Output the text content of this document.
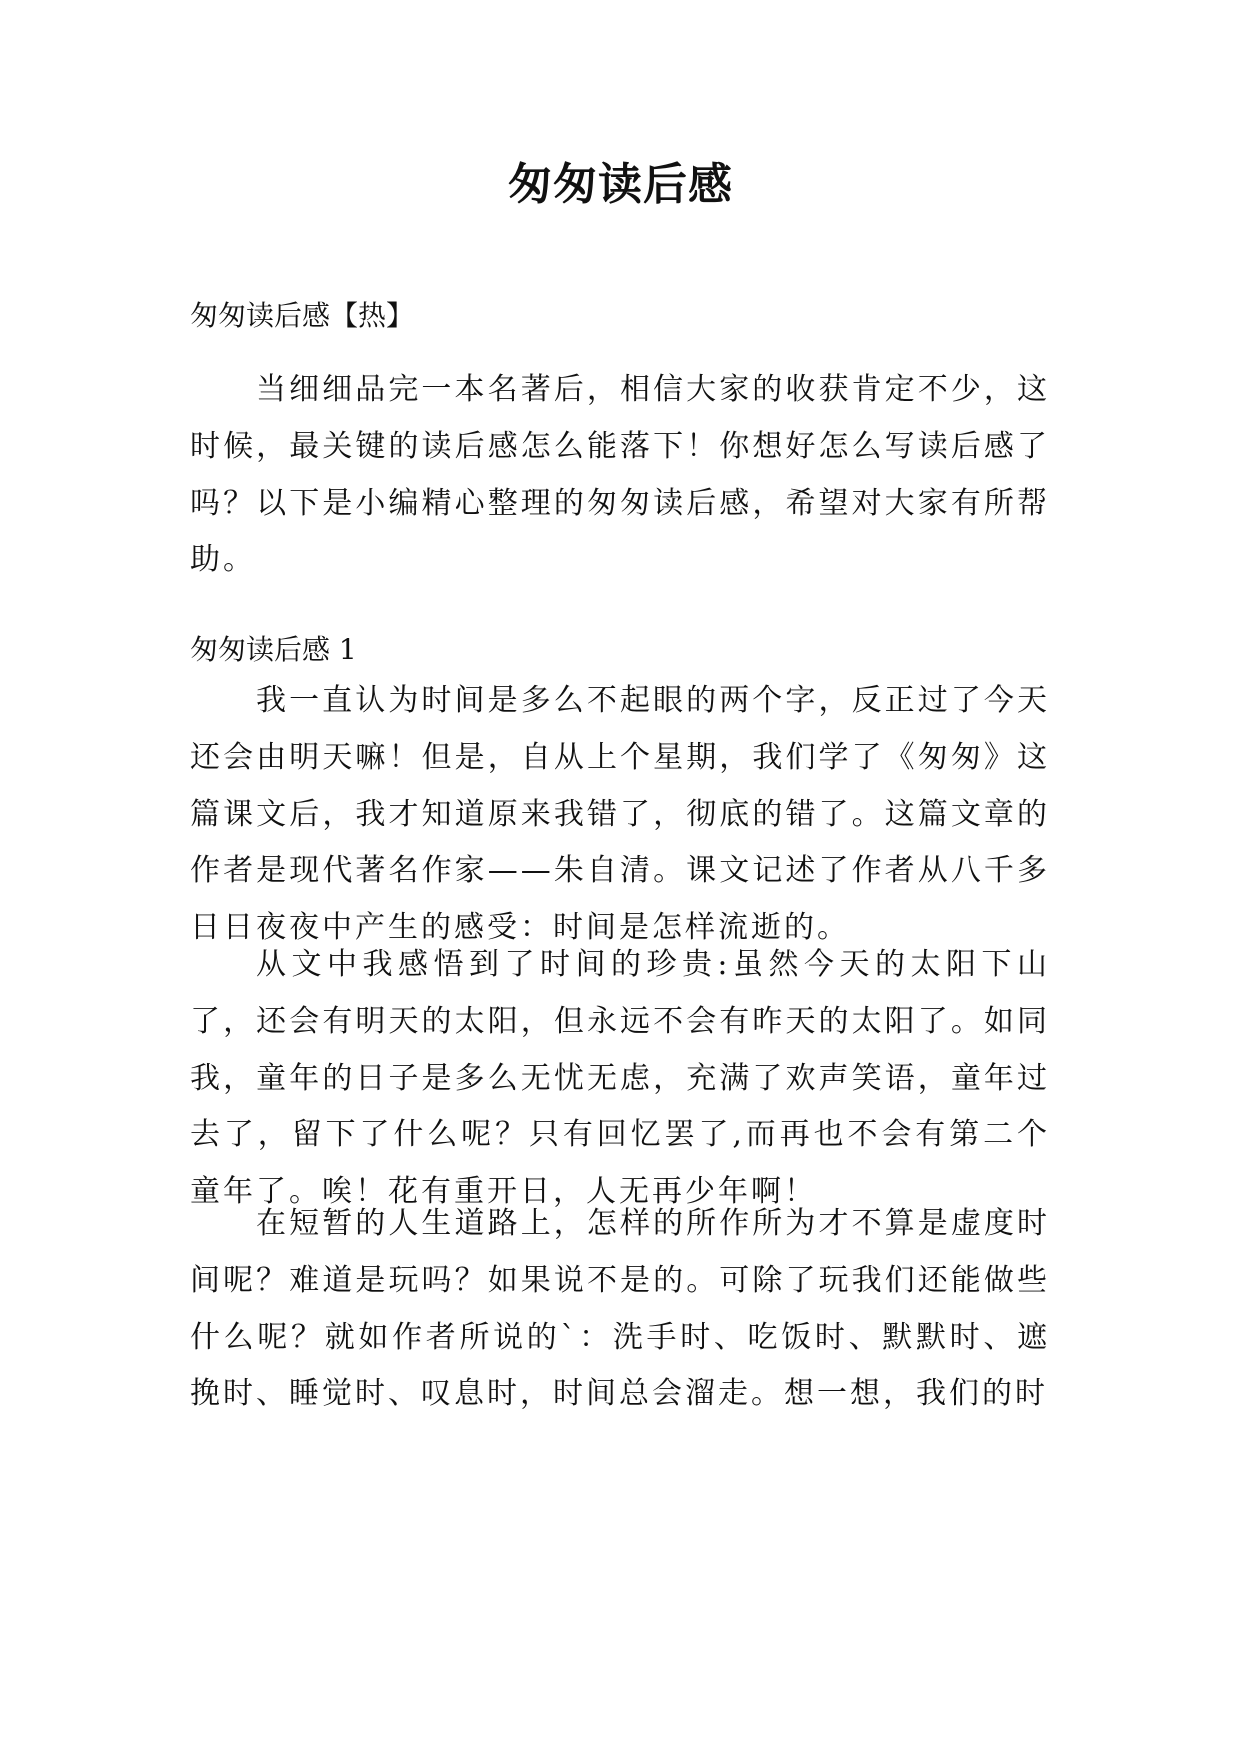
匆匆读后感
匆匆读后感【热】

当细细品完一本名著后，相信大家的收获肯定不少，这时候，最关键的读后感怎么能落下！你想好怎么写读后感了吗？以下是小编精心整理的匆匆读后感，希望对大家有所帮助。

匆匆读后感 1

我一直认为时间是多么不起眼的两个字，反正过了今天还会由明天嘛！但是，自从上个星期，我们学了《匆匆》这篇课文后，我才知道原来我错了，彻底的错了。这篇文章的作者是现代著名作家——朱自清。课文记述了作者从八千多日日夜夜中产生的感受：时间是怎样流逝的。

从文中我感悟到了时间的珍贵:虽然今天的太阳下山了，还会有明天的太阳，但永远不会有昨天的太阳了。如同我，童年的日子是多么无忧无虑，充满了欢声笑语，童年过去了，留下了什么呢？只有回忆罢了,而再也不会有第二个童年了。唉！花有重开日，人无再少年啊！

在短暂的人生道路上，怎样的所作所为才不算是虚度时间呢？难道是玩吗？如果说不是的。可除了玩我们还能做些什么呢？就如作者所说的`：洗手时、吃饭时、默默时、遮挽时、睡觉时、叹息时，时间总会溜走。想一想，我们的时
